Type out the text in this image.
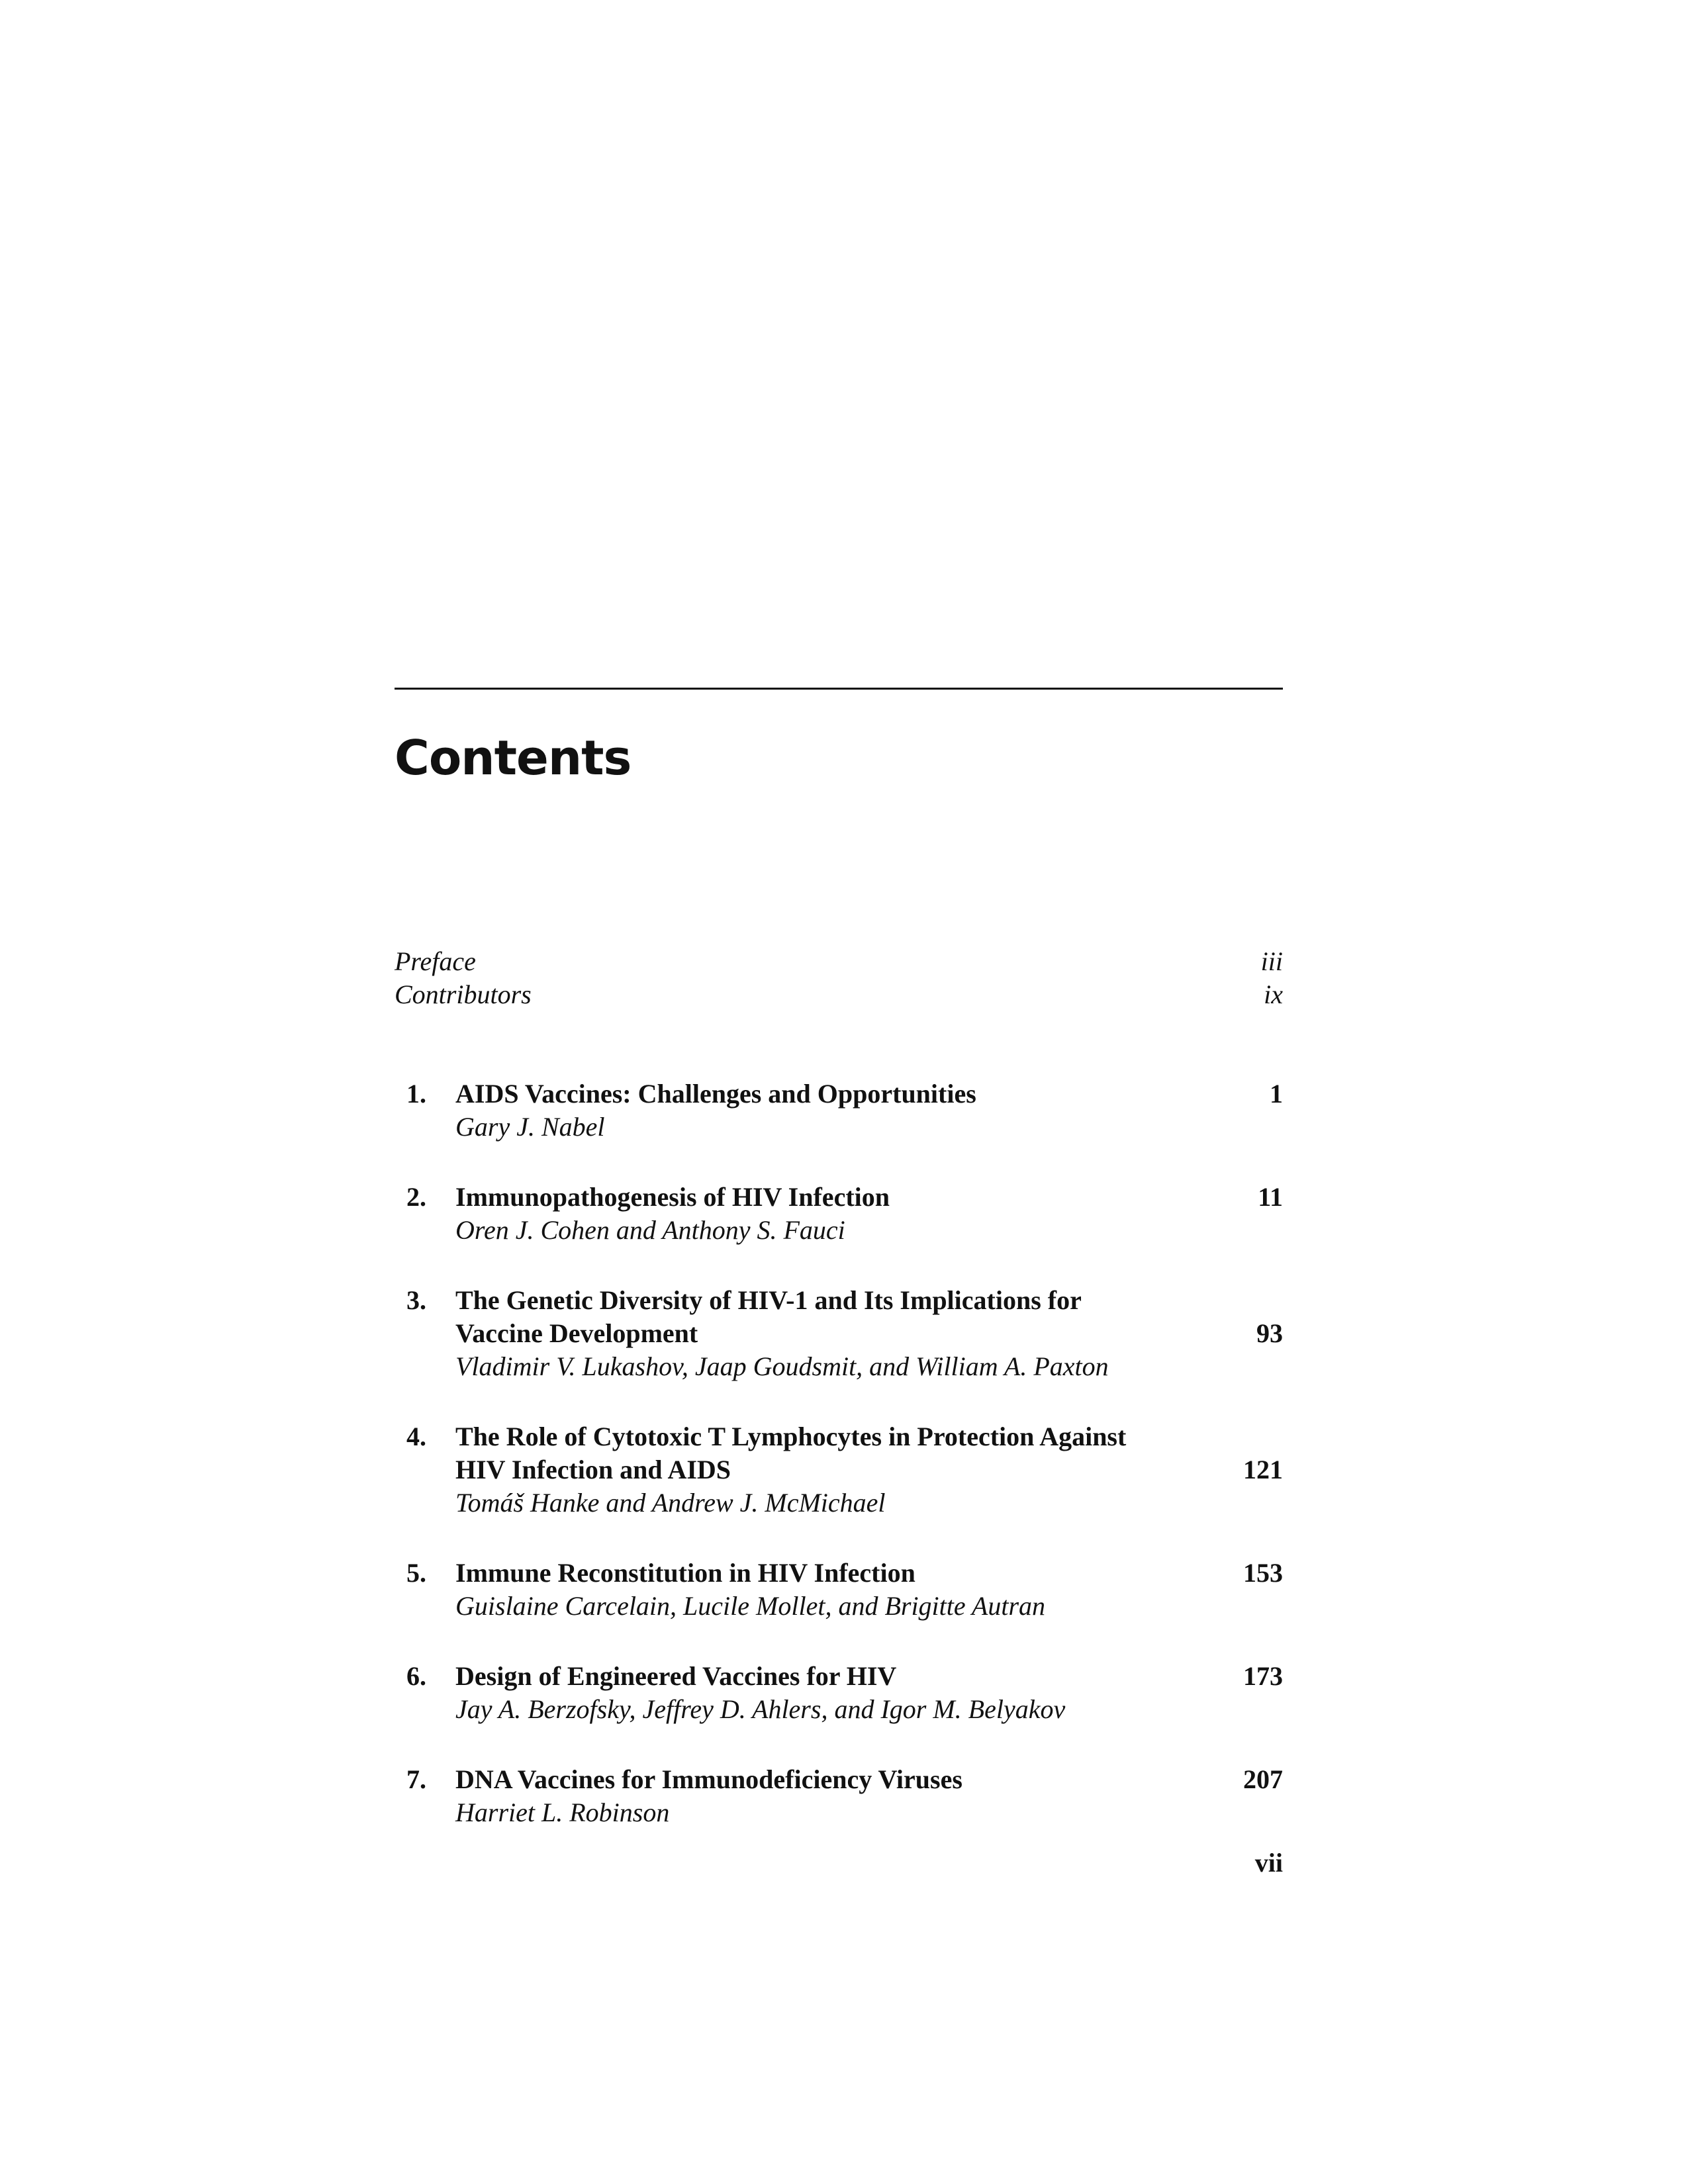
Contents
Preface	iii
Contributors	ix
1.	AIDS Vaccines: Challenges and Opportunities	1
Gary J. Nabel
2.	Immunopathogenesis of HIV Infection	11
Oren J. Cohen and Anthony S. Fauci
3.	The Genetic Diversity of HIV-1 and Its Implications for
Vaccine Development	93
Vladimir V. Lukashov, Jaap Goudsmit, and William A. Paxton
4.	The Role of Cytotoxic T Lymphocytes in Protection Against
HIV Infection and AIDS	121
Tomáš Hanke and Andrew J. McMichael
5.	Immune Reconstitution in HIV Infection	153
Guislaine Carcelain, Lucile Mollet, and Brigitte Autran
6.	Design of Engineered Vaccines for HIV	173
Jay A. Berzofsky, Jeffrey D. Ahlers, and Igor M. Belyakov
7.	DNA Vaccines for Immunodeficiency Viruses	207
Harriet L. Robinson
vii
